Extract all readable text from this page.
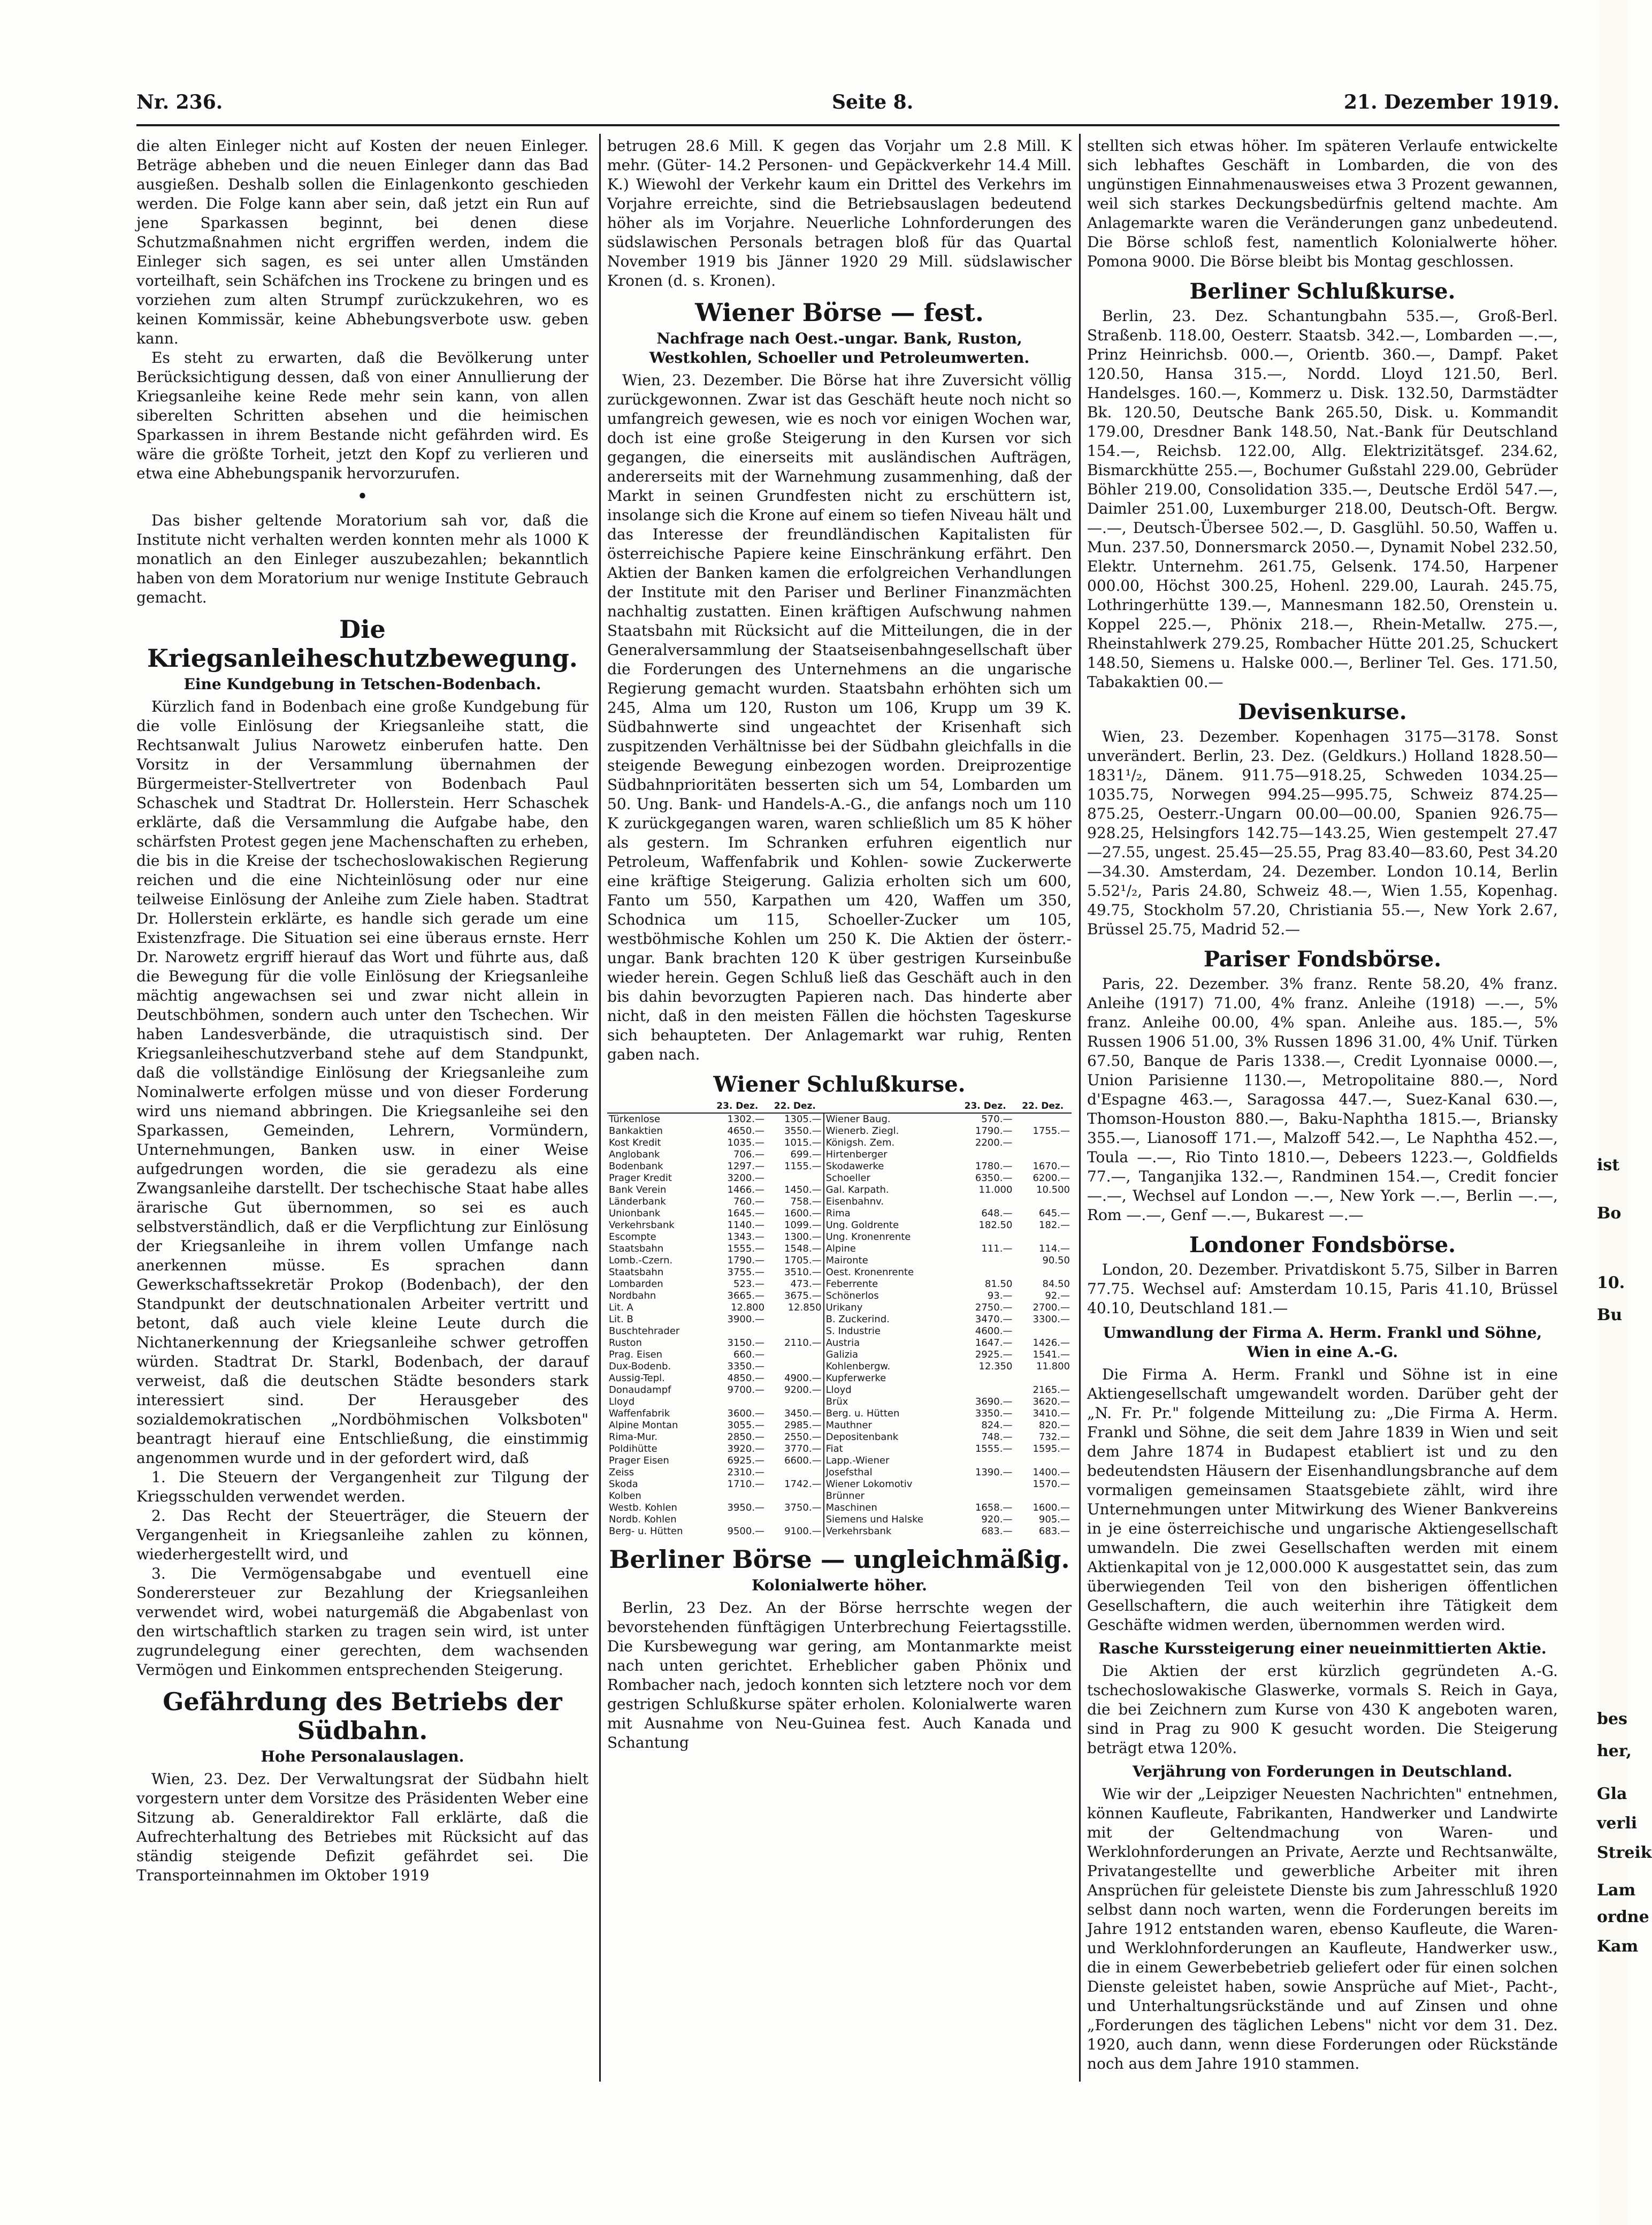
Nr. 236.	Seite 8.	21. Dezember 1919.

die alten Einleger nicht auf Kosten der neuen Einleger. Beträge abheben und die neuen Einleger dann das Bad ausgießen. Deshalb sollen die Einlagenkonto geschieden werden. Die Folge kann aber sein, daß jetzt ein Run auf jene Sparkassen beginnt, bei denen diese Schutzmaßnahmen nicht ergriffen werden, indem die Einleger sich sagen, es sei unter allen Umständen vorteilhaft, sein Schäfchen ins Trockene zu bringen und es vorziehen zum alten Strumpf zurückzukehren, wo es keinen Kommissär, keine Abhebungsverbote usw. geben kann.

Es steht zu erwarten, daß die Bevölkerung unter Berücksichtigung dessen, daß von einer Annullierung der Kriegsanleihe keine Rede mehr sein kann, von allen siberelten Schritten absehen und die heimischen Sparkassen in ihrem Bestande nicht gefährden wird. Es wäre die größte Torheit, jetzt den Kopf zu verlieren und etwa eine Abhebungspanik hervorzurufen.

•

Das bisher geltende Moratorium sah vor, daß die Institute nicht verhalten werden konnten mehr als 1000 K monatlich an den Einleger auszubezahlen; bekanntlich haben von dem Moratorium nur wenige Institute Gebrauch gemacht.

Die Kriegsanleiheschutzbewegung.
Eine Kundgebung in Tetschen-Bodenbach.

Kürzlich fand in Bodenbach eine große Kundgebung für die volle Einlösung der Kriegsanleihe statt, die Rechtsanwalt Julius Narowetz einberufen hatte. Den Vorsitz in der Versammlung übernahmen der Bürgermeister-Stellvertreter von Bodenbach Paul Schaschek und Stadtrat Dr. Hollerstein. Herr Schaschek erklärte, daß die Versammlung die Aufgabe habe, den schärfsten Protest gegen jene Machenschaften zu erheben, die bis in die Kreise der tschechoslowakischen Regierung reichen und die eine Nichteinlösung oder nur eine teilweise Einlösung der Anleihe zum Ziele haben. Stadtrat Dr. Hollerstein erklärte, es handle sich gerade um eine Existenzfrage. Die Situation sei eine überaus ernste. Herr Dr. Narowetz ergriff hierauf das Wort und führte aus, daß die Bewegung für die volle Einlösung der Kriegsanleihe mächtig angewachsen sei und zwar nicht allein in Deutschböhmen, sondern auch unter den Tschechen. Wir haben Landesverbände, die utraquistisch sind. Der Kriegsanleiheschutzverband stehe auf dem Standpunkt, daß die vollständige Einlösung der Kriegsanleihe zum Nominalwerte erfolgen müsse und von dieser Forderung wird uns niemand abbringen. Die Kriegsanleihe sei den Sparkassen, Gemeinden, Lehrern, Vormündern, Unternehmungen, Banken usw. in einer Weise aufgedrungen worden, die sie geradezu als eine Zwangsanleihe darstellt. Der tschechische Staat habe alles ärarische Gut übernommen, so sei es auch selbstverständlich, daß er die Verpflichtung zur Einlösung der Kriegsanleihe in ihrem vollen Umfange nach anerkennen müsse. Es sprachen dann Gewerkschaftssekretär Prokop (Bodenbach), der den Standpunkt der deutschnationalen Arbeiter vertritt und betont, daß auch viele kleine Leute durch die Nichtanerkennung der Kriegsanleihe schwer getroffen würden. Stadtrat Dr. Starkl, Bodenbach, der darauf verweist, daß die deutschen Städte besonders stark interessiert sind. Der Herausgeber des sozialdemokratischen „Nordböhmischen Volksboten" beantragt hierauf eine Entschließung, die einstimmig angenommen wurde und in der gefordert wird, daß

1. Die Steuern der Vergangenheit zur Tilgung der Kriegsschulden verwendet werden.

2. Das Recht der Steuerträger, die Steuern der Vergangenheit in Kriegsanleihe zahlen zu können, wiederhergestellt wird, und

3. Die Vermögensabgabe und eventuell eine Sonderersteuer zur Bezahlung der Kriegsanleihen verwendet wird, wobei naturgemäß die Abgabenlast von den wirtschaftlich starken zu tragen sein wird, ist unter zugrundelegung einer gerechten, dem wachsenden Vermögen und Einkommen entsprechenden Steigerung.

Gefährdung des Betriebs der Südbahn.
Hohe Personalauslagen.

Wien, 23. Dez. Der Verwaltungsrat der Südbahn hielt vorgestern unter dem Vorsitze des Präsidenten Weber eine Sitzung ab. Generaldirektor Fall erklärte, daß die Aufrechterhaltung des Betriebes mit Rücksicht auf das ständig steigende Defizit gefährdet sei. Die Transporteinnahmen im Oktober 1919

betrugen 28.6 Mill. K gegen das Vorjahr um 2.8 Mill. K mehr. (Güter- 14.2 Personen- und Gepäckverkehr 14.4 Mill. K.) Wiewohl der Verkehr kaum ein Drittel des Verkehrs im Vorjahre erreichte, sind die Betriebsauslagen bedeutend höher als im Vorjahre. Neuerliche Lohnforderungen des südslawischen Personals betragen bloß für das Quartal November 1919 bis Jänner 1920 29 Mill. südslawischer Kronen (d. s. Kronen).

Wiener Börse — fest.
Nachfrage nach Oest.-ungar. Bank, Ruston, Westkohlen, Schoeller und Petroleumwerten.

Wien, 23. Dezember. Die Börse hat ihre Zuversicht völlig zurückgewonnen. Zwar ist das Geschäft heute noch nicht so umfangreich gewesen, wie es noch vor einigen Wochen war, doch ist eine große Steigerung in den Kursen vor sich gegangen, die einerseits mit ausländischen Aufträgen, andererseits mit der Warnehmung zusammenhing, daß der Markt in seinen Grundfesten nicht zu erschüttern ist, insolange sich die Krone auf einem so tiefen Niveau hält und das Interesse der freundländischen Kapitalisten für österreichische Papiere keine Einschränkung erfährt. Den Aktien der Banken kamen die erfolgreichen Verhandlungen der Institute mit den Pariser und Berliner Finanzmächten nachhaltig zustatten. Einen kräftigen Aufschwung nahmen Staatsbahn mit Rücksicht auf die Mitteilungen, die in der Generalversammlung der Staatseisenbahngesellschaft über die Forderungen des Unternehmens an die ungarische Regierung gemacht wurden. Staatsbahn erhöhten sich um 245, Alma um 120, Ruston um 106, Krupp um 39 K. Südbahnwerte sind ungeachtet der Krisenhaft sich zuspitzenden Verhältnisse bei der Südbahn gleichfalls in die steigende Bewegung einbezogen worden. Dreiprozentige Südbahnprioritäten besserten sich um 54, Lombarden um 50. Ung. Bank- und Handels-A.-G., die anfangs noch um 110 K zurückgegangen waren, waren schließlich um 85 K höher als gestern. Im Schranken erfuhren eigentlich nur Petroleum, Waffenfabrik und Kohlen- sowie Zuckerwerte eine kräftige Steigerung. Galizia erholten sich um 600, Fanto um 550, Karpathen um 420, Waffen um 350, Schodnica um 115, Schoeller-Zucker um 105, westböhmische Kohlen um 250 K. Die Aktien der österr.-ungar. Bank brachten 120 K über gestrigen Kurseinbuße wieder herein. Gegen Schluß ließ das Geschäft auch in den bis dahin bevorzugten Papieren nach. Das hinderte aber nicht, daß in den meisten Fällen die höchsten Tageskurse sich behaupteten. Der Anlagemarkt war ruhig, Renten gaben nach.

Wiener Schlußkurse.
	23. Dez.	22. Dez.		23. Dez.	22. Dez.
Türkenlose	1302.—	1305.—	Wiener Baug.	570.—	
Bankaktien	4650.—	3550.—	Wienerb. Ziegl.	1790.—	1755.—
Kost Kredit	1035.—	1015.—	Königsh. Zem.	2200.—	
Anglobank	706.—	699.—	Hirtenberger		
Bodenbank	1297.—	1155.—	Skodawerke	1780.—	1670.—
Prager Kredit	3200.—		Schoeller	6350.—	6200.—
Bank Verein	1466.—	1450.—	Gal. Karpath.	11.000	10.500
Länderbank	760.—	758.—	Eisenbahnv.		
Unionbank	1645.—	1600.—	Rima	648.—	645.—
Verkehrsbank	1140.—	1099.—	Ung. Goldrente	182.50	182.—
Escompte	1343.—	1300.—	Ung. Kronenrente		
Staatsbahn	1555.—	1548.—	Alpine	111.—	114.—
Lomb.-Czern.	1790.—	1705.—	Maironte		90.50
Staatsbahn	3755.—	3510.—	Oest. Kronenrente		
Lombarden	523.—	473.—	Feberrente	81.50	84.50
Nordbahn	3665.—	3675.—	Schönerlos	93.—	92.—
Lit. A	12.800	12.850	Urikany	2750.—	2700.—
Lit. B	3900.—		B. Zuckerind.	3470.—	3300.—
Buschtehrader			S. Industrie	4600.—	
Ruston	3150.—	2110.—	Austria	1647.—	1426.—
Prag. Eisen	660.—		Galizia	2925.—	1541.—
Dux-Bodenb.	3350.—		Kohlenbergw.	12.350	11.800
Aussig-Tepl.	4850.—	4900.—	Kupferwerke		
Donaudampf	9700.—	9200.—	Lloyd		2165.—
Lloyd			Brüx	3690.—	3620.—
Waffenfabrik	3600.—	3450.—	Berg. u. Hütten	3350.—	3410.—
Alpine Montan	3055.—	2985.—	Mauthner	824.—	820.—
Rima-Mur.	2850.—	2550.—	Depositenbank	748.—	732.—
Poldihütte	3920.—	3770.—	Fiat	1555.—	1595.—
Prager Eisen	6925.—	6600.—	Lapp.-Wiener		
Zeiss	2310.—		Josefsthal	1390.—	1400.—
Skoda	1710.—	1742.—	Wiener Lokomotiv		1570.—
Kolben			Brünner		
Westb. Kohlen	3950.—	3750.—	Maschinen	1658.—	1600.—
Nordb. Kohlen			Siemens und Halske	920.—	905.—
Berg- u. Hütten	9500.—	9100.—	Verkehrsbank	683.—	683.—
Berliner Börse — ungleichmäßig.
Kolonialwerte höher.

Berlin, 23 Dez. An der Börse herrschte wegen der bevorstehenden fünftägigen Unterbrechung Feiertagsstille. Die Kursbewegung war gering, am Montanmarkte meist nach unten gerichtet. Erheblicher gaben Phönix und Rombacher nach, jedoch konnten sich letztere noch vor dem gestrigen Schlußkurse später erholen. Kolonialwerte waren mit Ausnahme von Neu-Guinea fest. Auch Kanada und Schantung

stellten sich etwas höher. Im späteren Verlaufe entwickelte sich lebhaftes Geschäft in Lombarden, die von des ungünstigen Einnahmenausweises etwa 3 Prozent gewannen, weil sich starkes Deckungsbedürfnis geltend machte. Am Anlagemarkte waren die Veränderungen ganz unbedeutend. Die Börse schloß fest, namentlich Kolonialwerte höher. Pomona 9000. Die Börse bleibt bis Montag geschlossen.

Berliner Schlußkurse.

Berlin, 23. Dez. Schantungbahn 535.—, Groß-Berl. Straßenb. 118.00, Oesterr. Staatsb. 342.—, Lombarden —.—, Prinz Heinrichsb. 000.—, Orientb. 360.—, Dampf. Paket 120.50, Hansa 315.—, Nordd. Lloyd 121.50, Berl. Handelsges. 160.—, Kommerz u. Disk. 132.50, Darmstädter Bk. 120.50, Deutsche Bank 265.50, Disk. u. Kommandit 179.00, Dresdner Bank 148.50, Nat.-Bank für Deutschland 154.—, Reichsb. 122.00, Allg. Elektrizitätsgef. 234.62, Bismarckhütte 255.—, Bochumer Gußstahl 229.00, Gebrüder Böhler 219.00, Consolidation 335.—, Deutsche Erdöl 547.—, Daimler 251.00, Luxemburger 218.00, Deutsch-Oft. Bergw. —.—, Deutsch-Übersee 502.—, D. Gasglühl. 50.50, Waffen u. Mun. 237.50, Donnersmarck 2050.—, Dynamit Nobel 232.50, Elektr. Unternehm. 261.75, Gelsenk. 174.50, Harpener 000.00, Höchst 300.25, Hohenl. 229.00, Laurah. 245.75, Lothringerhütte 139.—, Mannesmann 182.50, Orenstein u. Koppel 225.—, Phönix 218.—, Rhein-Metallw. 275.—, Rheinstahlwerk 279.25, Rombacher Hütte 201.25, Schuckert 148.50, Siemens u. Halske 000.—, Berliner Tel. Ges. 171.50, Tabakaktien 00.—

Devisenkurse.

Wien, 23. Dezember. Kopenhagen 3175—3178. Sonst unverändert. Berlin, 23. Dez. (Geldkurs.) Holland 1828.50—1831¹/₂, Dänem. 911.75—918.25, Schweden 1034.25—1035.75, Norwegen 994.25—995.75, Schweiz 874.25—875.25, Oesterr.-Ungarn 00.00—00.00, Spanien 926.75—928.25, Helsingfors 142.75—143.25, Wien gestempelt 27.47—27.55, ungest. 25.45—25.55, Prag 83.40—83.60, Pest 34.20—34.30. Amsterdam, 24. Dezember. London 10.14, Berlin 5.52¹/₂, Paris 24.80, Schweiz 48.—, Wien 1.55, Kopenhag. 49.75, Stockholm 57.20, Christiania 55.—, New York 2.67, Brüssel 25.75, Madrid 52.—

Pariser Fondsbörse.

Paris, 22. Dezember. 3% franz. Rente 58.20, 4% franz. Anleihe (1917) 71.00, 4% franz. Anleihe (1918) —.—, 5% franz. Anleihe 00.00, 4% span. Anleihe aus. 185.—, 5% Russen 1906 51.00, 3% Russen 1896 31.00, 4% Unif. Türken 67.50, Banque de Paris 1338.—, Credit Lyonnaise 0000.—, Union Parisienne 1130.—, Metropolitaine 880.—, Nord d'Espagne 463.—, Saragossa 447.—, Suez-Kanal 630.—, Thomson-Houston 880.—, Baku-Naphtha 1815.—, Briansky 355.—, Lianosoff 171.—, Malzoff 542.—, Le Naphtha 452.—, Toula —.—, Rio Tinto 1810.—, Debeers 1223.—, Goldfields 77.—, Tanganjika 132.—, Randminen 154.—, Credit foncier —.—, Wechsel auf London —.—, New York —.—, Berlin —.—, Rom —.—, Genf —.—, Bukarest —.—

Londoner Fondsbörse.

London, 20. Dezember. Privatdiskont 5.75, Silber in Barren 77.75. Wechsel auf: Amsterdam 10.15, Paris 41.10, Brüssel 40.10, Deutschland 181.—

Umwandlung der Firma A. Herm. Frankl und Söhne, Wien in eine A.-G.

Die Firma A. Herm. Frankl und Söhne ist in eine Aktiengesellschaft umgewandelt worden. Darüber geht der „N. Fr. Pr." folgende Mitteilung zu: „Die Firma A. Herm. Frankl und Söhne, die seit dem Jahre 1839 in Wien und seit dem Jahre 1874 in Budapest etabliert ist und zu den bedeutendsten Häusern der Eisenhandlungsbranche auf dem vormaligen gemeinsamen Staatsgebiete zählt, wird ihre Unternehmungen unter Mitwirkung des Wiener Bankvereins in je eine österreichische und ungarische Aktiengesellschaft umwandeln. Die zwei Gesellschaften werden mit einem Aktienkapital von je 12,000.000 K ausgestattet sein, das zum überwiegenden Teil von den bisherigen öffentlichen Gesellschaftern, die auch weiterhin ihre Tätigkeit dem Geschäfte widmen werden, übernommen werden wird.

Rasche Kurssteigerung einer neueinmittierten Aktie.

Die Aktien der erst kürzlich gegründeten A.-G. tschechoslowakische Glaswerke, vormals S. Reich in Gaya, die bei Zeichnern zum Kurse von 430 K angeboten waren, sind in Prag zu 900 K gesucht worden. Die Steigerung beträgt etwa 120%.

Verjährung von Forderungen in Deutschland.

Wie wir der „Leipziger Neuesten Nachrichten" entnehmen, können Kaufleute, Fabrikanten, Handwerker und Landwirte mit der Geltendmachung von Waren- und Werklohnforderungen an Private, Aerzte und Rechtsanwälte, Privatangestellte und gewerbliche Arbeiter mit ihren Ansprüchen für geleistete Dienste bis zum Jahresschluß 1920 selbst dann noch warten, wenn die Forderungen bereits im Jahre 1912 entstanden waren, ebenso Kaufleute, die Waren- und Werklohnforderungen an Kaufleute, Handwerker usw., die in einem Gewerbebetrieb geliefert oder für einen solchen Dienste geleistet haben, sowie Ansprüche auf Miet-, Pacht-, und Unterhaltungsrückstände und auf Zinsen und ohne „Forderungen des täglichen Lebens" nicht vor dem 31. Dez. 1920, auch dann, wenn diese Forderungen oder Rückstände noch aus dem Jahre 1910 stammen.

bes
her,
Gla
verli
Streik
Lam
ordne
Kam
ist
Bo
10.
Bu
